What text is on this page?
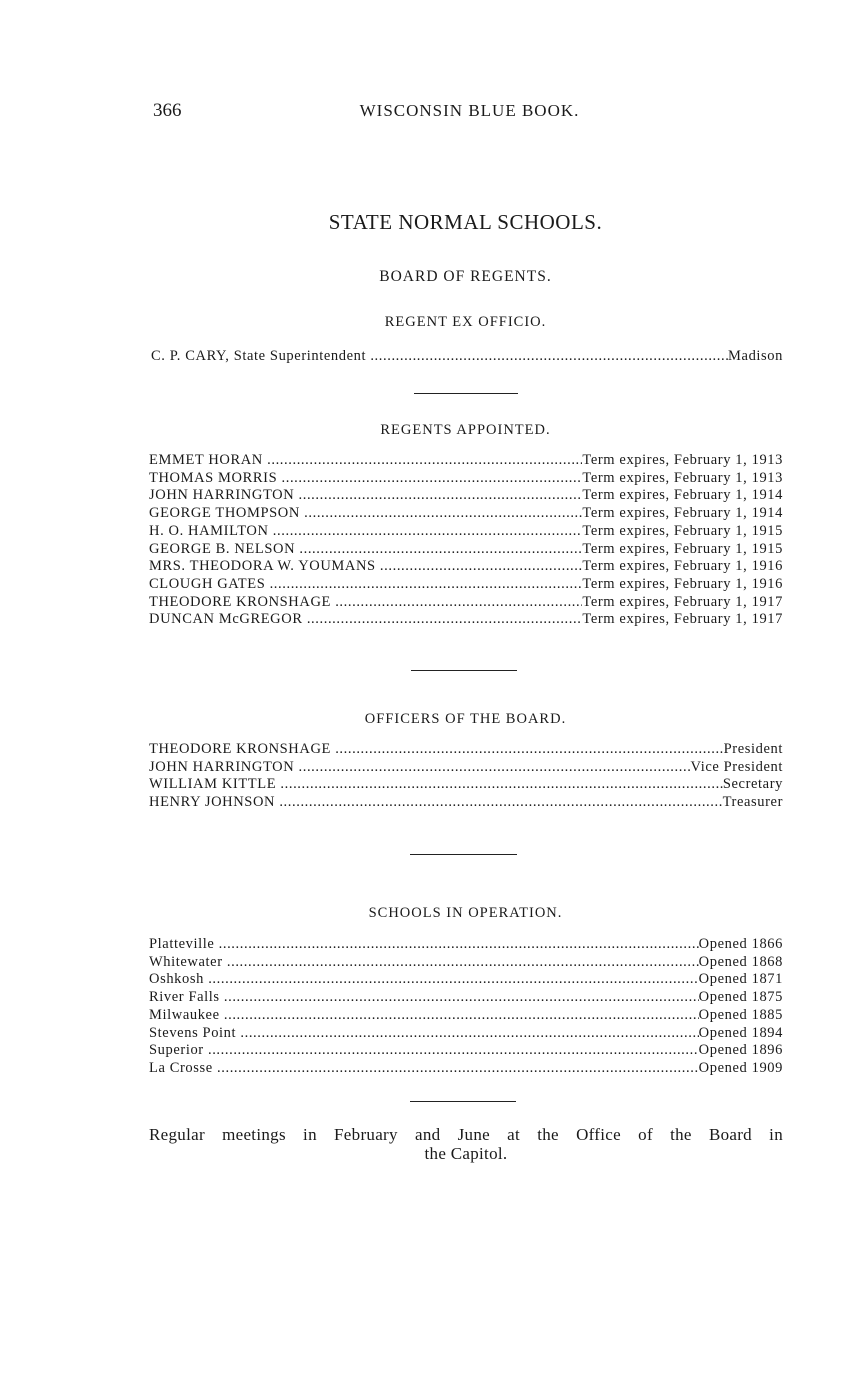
366	WISCONSIN BLUE BOOK.
STATE NORMAL SCHOOLS.
BOARD OF REGENTS.
REGENT EX OFFICIO.
C. P. CARY, State Superintendent .....	Madison
REGENTS APPOINTED.
EMMET HORAN .....	Term expires, February 1, 1913
THOMAS MORRIS .....	Term expires, February 1, 1913
JOHN HARRINGTON .....	Term expires, February 1, 1914
GEORGE THOMPSON .....	Term expires, February 1, 1914
H. O. HAMILTON .....	Term expires, February 1, 1915
GEORGE B. NELSON .....	Term expires, February 1, 1915
MRS. THEODORA W. YOUMANS .....	Term expires, February 1, 1916
CLOUGH GATES .....	Term expires, February 1, 1916
THEODORE KRONSHAGE .....	Term expires, February 1, 1917
DUNCAN McGREGOR .....	Term expires, February 1, 1917
OFFICERS OF THE BOARD.
THEODORE KRONSHAGE .....	President
JOHN HARRINGTON .....	Vice President
WILLIAM KITTLE .....	Secretary
HENRY JOHNSON .....	Treasurer
SCHOOLS IN OPERATION.
Platteville .....	Opened 1866
Whitewater .....	Opened 1868
Oshkosh .....	Opened 1871
River Falls .....	Opened 1875
Milwaukee .....	Opened 1885
Stevens Point .....	Opened 1894
Superior .....	Opened 1896
La Crosse .....	Opened 1909
Regular meetings in February and June at the Office of the Board in
the Capitol.
